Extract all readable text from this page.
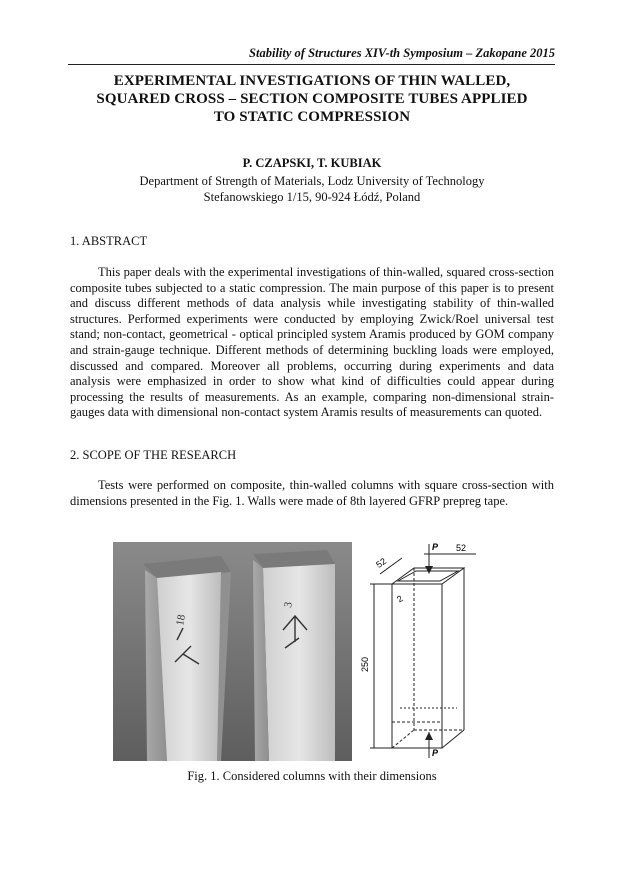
Stability of Structures XIV-th Symposium – Zakopane 2015
EXPERIMENTAL INVESTIGATIONS OF THIN WALLED,
SQUARED CROSS – SECTION COMPOSITE TUBES APPLIED
TO STATIC COMPRESSION
P. CZAPSKI, T. KUBIAK
Department of Strength of Materials, Lodz University of Technology
Stefanowskiego 1/15, 90-924 Łódź, Poland
1. ABSTRACT
This paper deals with the experimental investigations of thin-walled, squared cross-section composite tubes subjected to a static compression. The main purpose of this paper is to present and discuss different methods of data analysis while investigating stability of thin-walled structures. Performed experiments were conducted by employing Zwick/Roel universal test stand; non-contact, geometrical - optical principled system Aramis produced by GOM company and strain-gauge technique. Different methods of determining buckling loads were employed, discussed and compared. Moreover all problems, occurring during experiments and data analysis were emphasized in order to show what kind of difficulties could appear during processing the results of measurements. As an example, comparing non-dimensional strain-gauges data with dimensional non-contact system Aramis results of measurements can quoted.
2. SCOPE OF THE RESEARCH
Tests were performed on composite, thin-walled columns with square cross-section with dimensions presented in the Fig. 1. Walls were made of 8th layered GFRP prepreg tape.
18
3
P
P
52
52
2
250
Fig. 1. Considered columns with their dimensions
